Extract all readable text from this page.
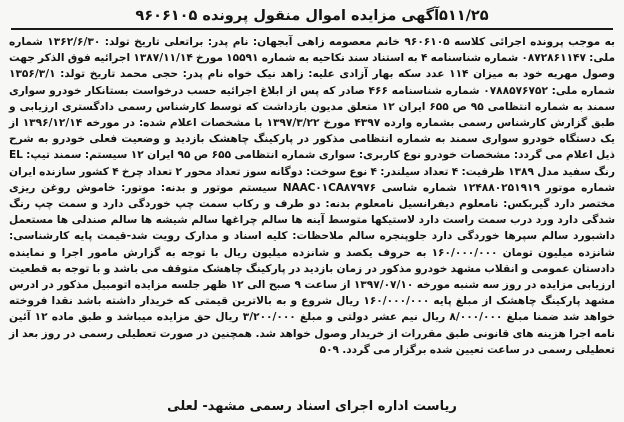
۵۱۱/۲۵آگهی مزایده اموال منقول پرونده ۹۶۰۶۱۰۵

به موجب پرونده اجرائی کلاسه ۹۶۰۶۱۰۵ خانم معصومه زاهی آبجهان: نام پدر: براتعلی تاریخ تولد: ۱۳۶۲/۶/۳۰ شماره ملی: ۰۸۷۲۸۶۱۱۴۷ شماره شناسنامه ۴ به استناد سند نکاحیه به شماره ۱۵۵۹۱ مورخ ۱۳۸۷/۱۱/۱۴ اجرائیه فوق الذکر جهت وصول مهریه خود به میزان ۱۱۴ عدد سکه بهار آزادی علیه: زاهد نیک خواه نام پدر: حجی محمد تاریخ تولد: ۱۳۵۶/۳/۱ شماره ملی: ۰۷۸۸۵۷۶۷۵۲ شماره شناسنامه ۴۶۶ صادر که پس از ابلاغ اجرائیه حسب درخواست بستانکار خودرو سواری سمند به شماره انتظامی ۹۵ ص ۶۵۵ ایران ۱۲ متعلق مدیون بازداشت که توسط کارشناس رسمی دادگستری ارزیابی و طبق گزارش کارشناس رسمی بشماره وارده ۴۳۹۷ مورخ ۱۳۹۷/۳/۲۲ با مشخصات اعلام شده: در مورخه ۱۳۹۶/۱۲/۱۴ از یک دستگاه خودرو سواری سمند به شماره انتظامی مذکور در پارکینگ چاهشک بازدید و وضعیت فعلی خودرو به شرح ذیل اعلام می گردد: مشخصات خودرو نوع کاربری: سواری شماره انتظامی ۶۵۵ ص ۹۵ ایران ۱۲ سیستم: سمند تیپ: EL رنگ سفید مدل ۱۳۸۹ ظرفیت: ۴ تعداد سیلندر: ۴ نوع سوخت: دوگانه سوز تعداد محور ۲ تعداد چرخ ۴ کشور سازنده ایران شماره موتور ۱۲۴۸۸۰۲۵۱۹۱۹ شماره شاسی NAAC۰۱CA۸۷۹۷۶ سیستم موتور و بدنه: موتور: خاموش روغن ریزی مختصر دارد گیربکس: نامعلوم دیفرانسیل نامعلوم بدنه: دو طرف و رکاب سمت چپ خوردگی دارد و سمت چپ رنگ شدگی دارد ورد درب سمت راست دارد لاستیکها متوسط آینه ها سالم چراغها سالم شیشه ها سالم صندلی ها مستعمل داشبورد سالم سپرها خوردگی دارد جلوپنجره سالم ملاحظات: کلیه اسناد و مدارک رویت شد-قیمت پایه کارشناسی: شانزده میلیون تومان ۱۶۰/۰۰۰/۰۰۰ به حروف یکصد و شانزده میلیون ریال با توجه به گزارش مامور اجرا و نماینده دادستان عمومی و انقلاب مشهد خودرو مذکور در زمان بازدید در پارکینگ چاهشک متوقف می باشد و با توجه به قطعیت ارزیابی مزایده در روز سه شنبه مورخه ۱۳۹۷/۰۷/۱۰ از ساعت ۹ صبح الی ۱۲ ظهر جلسه مزایده اتومبیل مذکور در ادرس مشهد پارکینگ چاهشک از مبلغ پایه ۱۶۰/۰۰۰/۰۰۰ ریال شروع و به بالاترین قیمتی که خریدار داشته باشد نقدا فروخته خواهد شد ضمنا مبلغ ۸/۰۰۰/۰۰۰ ریال نیم عشر دولتی و مبلغ ۳/۲۰۰/۰۰۰ ریال حق مزایده میباشد و طبق ماده ۱۲ آئین نامه اجرا هزینه های قانونی طبق مقررات از خریدار وصول خواهد شد. همچنین در صورت تعطیلی رسمی در روز بعد از تعطیلی رسمی در ساعت تعیین شده برگزار می گردد. ۵۰۹

ریاست اداره اجرای اسناد رسمی مشهد- لعلی
